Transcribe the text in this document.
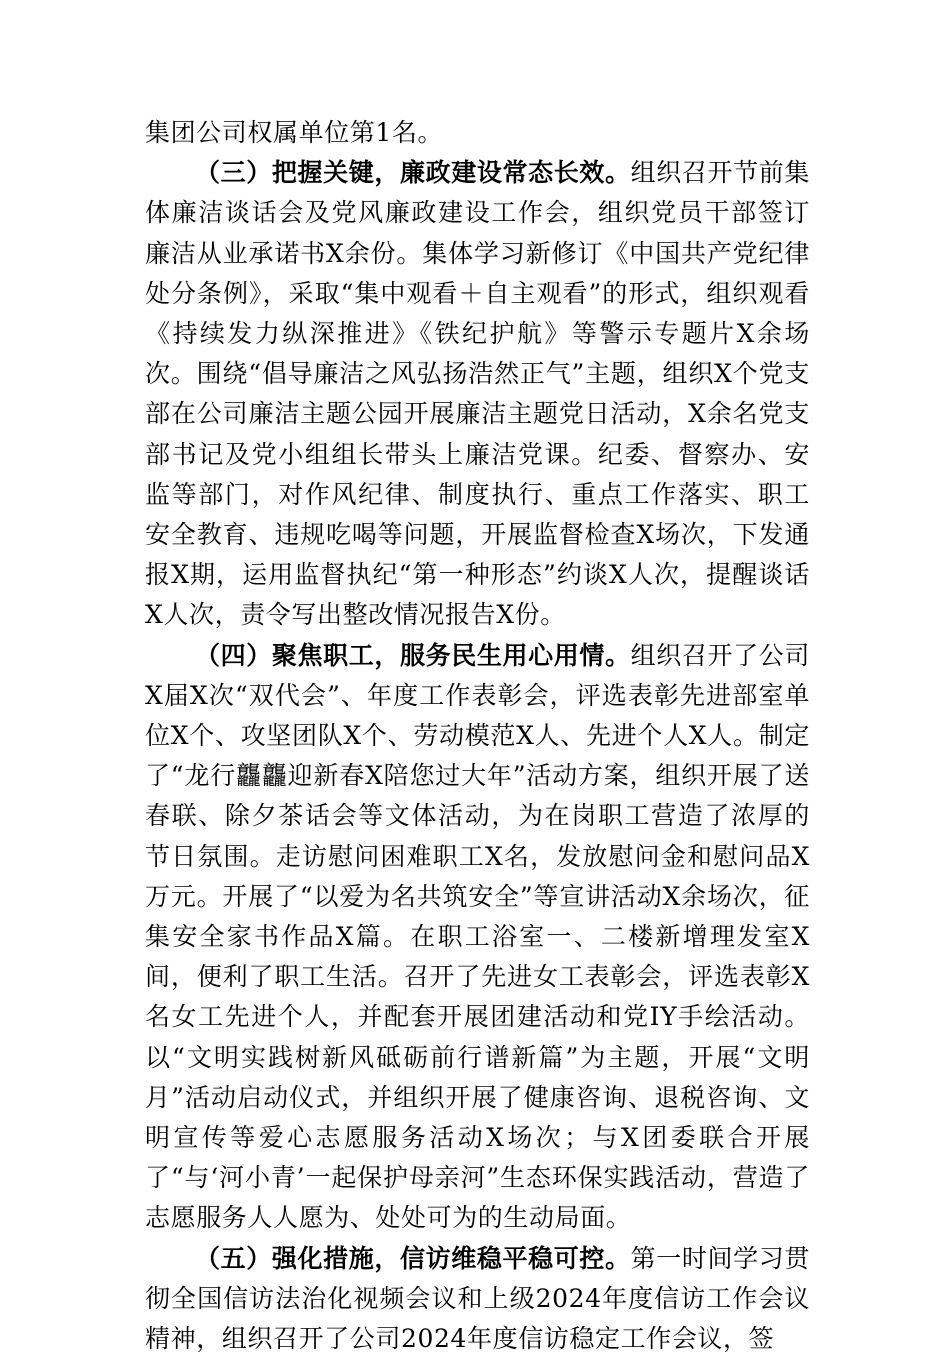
集团公司权属单位第1名。

（三）把握关键，廉政建设常态长效。组织召开节前集体廉洁谈话会及党风廉政建设工作会，组织党员干部签订廉洁从业承诺书X余份。集体学习新修订《中国共产党纪律处分条例》，采取“集中观看＋自主观看”的形式，组织观看《持续发力纵深推进》《铁纪护航》等警示专题片X余场次。围绕“倡导廉洁之风弘扬浩然正气”主题，组织X个党支部在公司廉洁主题公园开展廉洁主题党日活动，X余名党支部书记及党小组组长带头上廉洁党课。纪委、督察办、安监等部门，对作风纪律、制度执行、重点工作落实、职工安全教育、违规吃喝等问题，开展监督检查X场次，下发通报X期，运用监督执纪“第一种形态”约谈X人次，提醒谈话X人次，责令写出整改情况报告X份。

（四）聚焦职工，服务民生用心用情。组织召开了公司X届X次“双代会”、年度工作表彰会，评选表彰先进部室单位X个、攻坚团队X个、劳动模范X人、先进个人X人。制定了“龙行龘龘迎新春X陪您过大年”活动方案，组织开展了送春联、除夕茶话会等文体活动，为在岗职工营造了浓厚的节日氛围。走访慰问困难职工X名，发放慰问金和慰问品X万元。开展了“以爱为名共筑安全”等宣讲活动X余场次，征集安全家书作品X篇。在职工浴室一、二楼新增理发室X间，便利了职工生活。召开了先进女工表彰会，评选表彰X名女工先进个人，并配套开展团建活动和党IY手绘活动。以“文明实践树新风砥砺前行谱新篇”为主题，开展“文明月”活动启动仪式，并组织开展了健康咨询、退税咨询、文明宣传等爱心志愿服务活动X场次；与X团委联合开展了“与‘河小青’一起保护母亲河”生态环保实践活动，营造了志愿服务人人愿为、处处可为的生动局面。

（五）强化措施，信访维稳平稳可控。第一时间学习贯彻全国信访法治化视频会议和上级2024年度信访工作会议精神，组织召开了公司2024年度信访稳定工作会议，签
